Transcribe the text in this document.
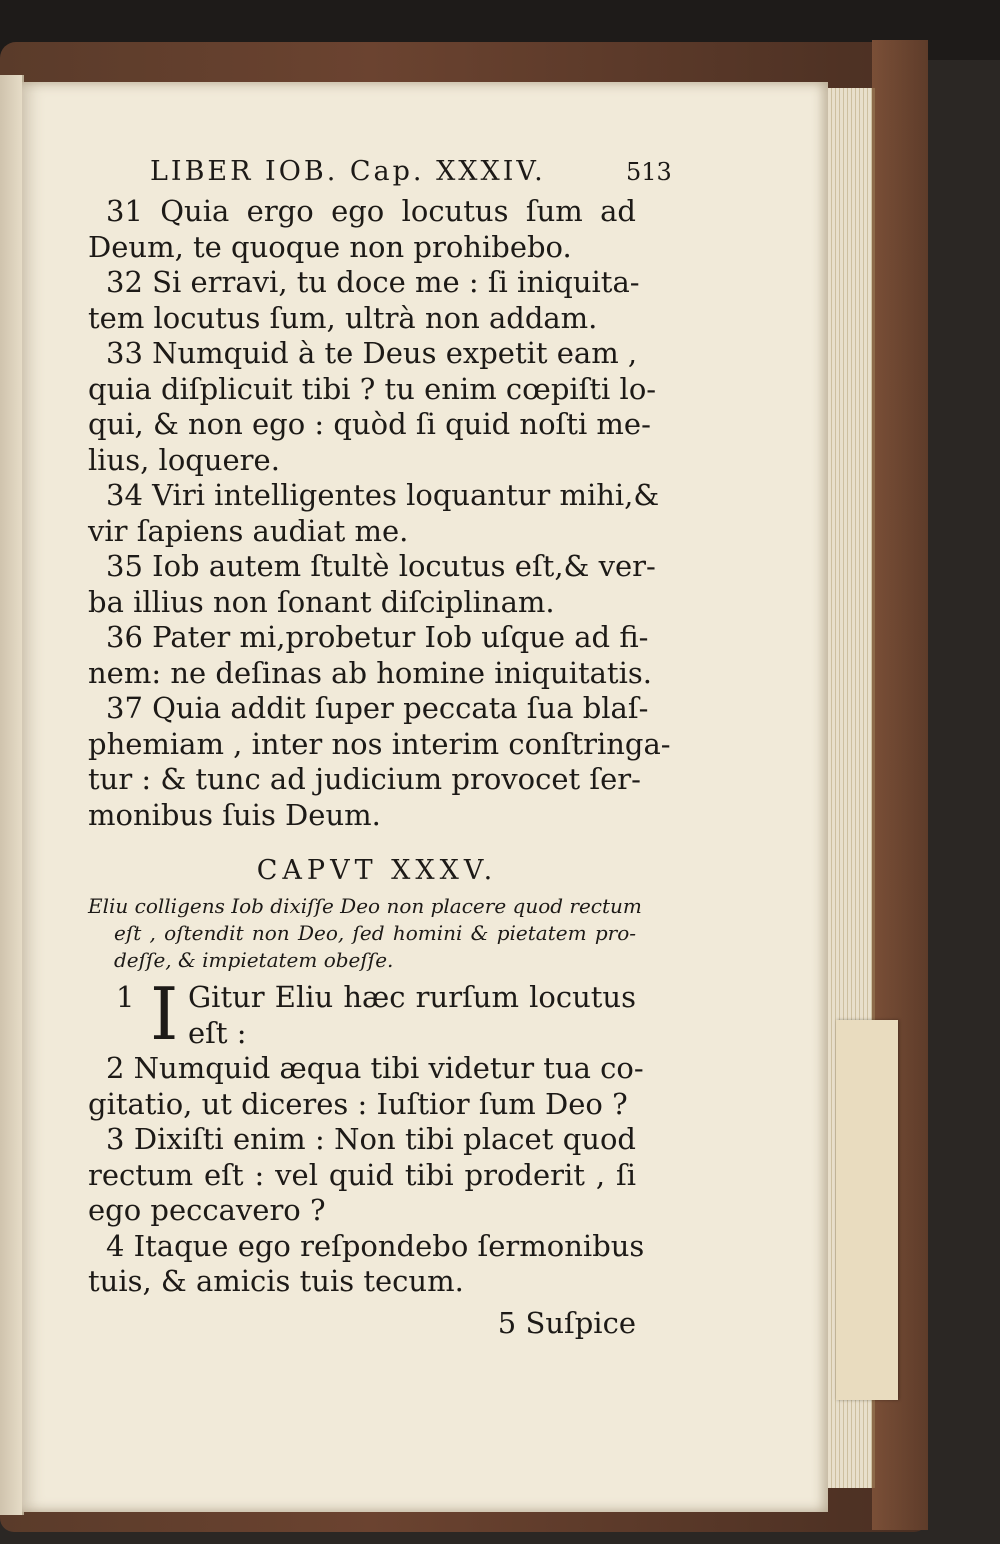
LIBER IOB. Cap. XXXIV.	513
31 Quia ergo ego locutus ſum ad
Deum, te quoque non prohibebo.
32 Si erravi, tu doce me : ſi iniquita-
tem locutus ſum, ultrà non addam.
33 Numquid à te Deus expetit eam ,
quia diſplicuit tibi ? tu enim cœpiſti lo-
qui, & non ego : quòd ſi quid noſti me-
lius, loquere.
34 Viri intelligentes loquantur mihi,&
vir ſapiens audiat me.
35 Iob autem ſtultè locutus eſt,& ver-
ba illius non ſonant diſciplinam.
36 Pater mi,probetur Iob uſque ad fi-
nem: ne deſinas ab homine iniquitatis.
37 Quia addit ſuper peccata ſua blaſ-
phemiam , inter nos interim conſtringa-
tur : & tunc ad judicium provocet ſer-
monibus ſuis Deum.
CAPVT XXXV.
Eliu colligens Iob dixiſſe Deo non placere quod rectum
eſt , oſtendit non Deo, ſed homini & pietatem pro-
deſſe, & impietatem obeſſe.
1 I Gitur Eliu hæc rurſum locutus
eſt :
2 Numquid æqua tibi videtur tua co-
gitatio, ut diceres : Iuſtior ſum Deo ?
3 Dixiſti enim : Non tibi placet quod
rectum eſt : vel quid tibi proderit , ſi
ego peccavero ?
4 Itaque ego reſpondebo ſermonibus
tuis, & amicis tuis tecum.
5 Suſpice
